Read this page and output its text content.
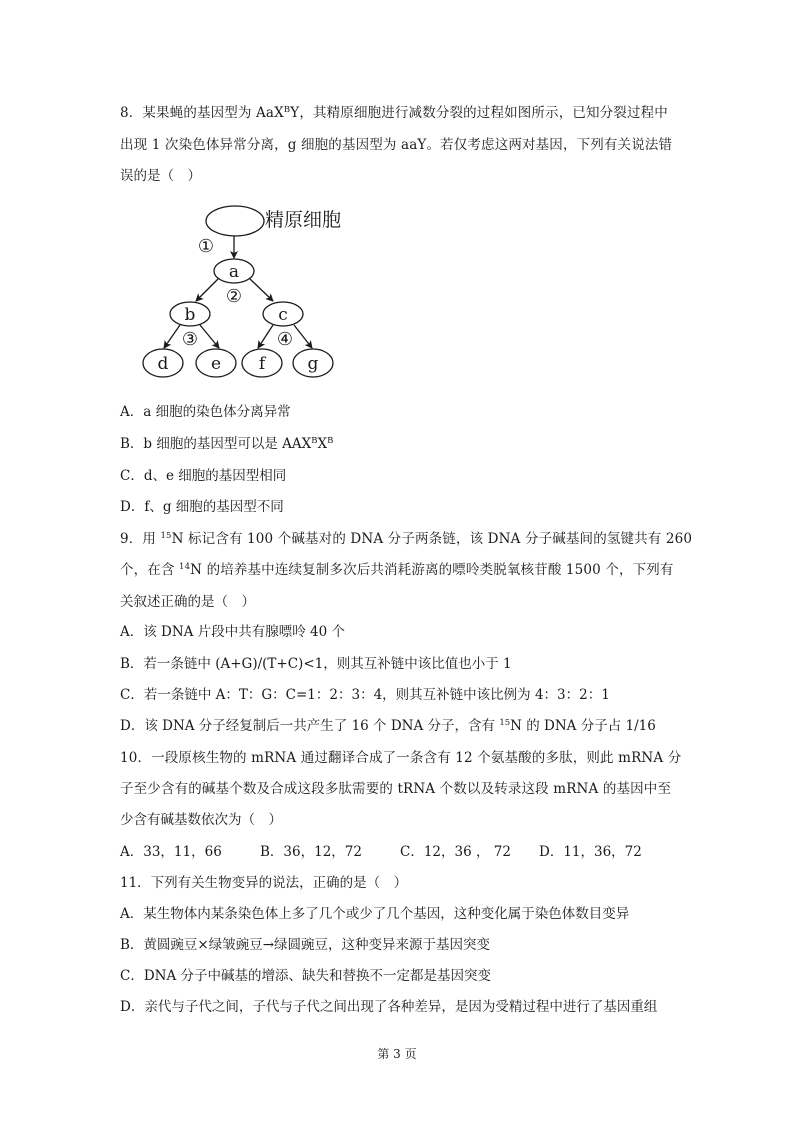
8．某果蝇的基因型为 AaX$^B$Y，其精原细胞进行减数分裂的过程如图所示，已知分裂过程中
出现 1 次染色体异常分离，g 细胞的基因型为 aaY。若仅考虑这两对基因，下列有关说法错
误的是（　）
精原细胞
①
②
③	④
a
b	c
d	e f g
A．a 细胞的染色体分离异常
B．b 细胞的基因型可以是 $AAX^BX^B$
C．d、e 细胞的基因型相同
D．f、g 细胞的基因型不同
9．用 $^{15}$N 标记含有 100 个碱基对的 DNA 分子两条链，该 DNA 分子碱基间的氢键共有 260
个，在含 $^{14}$N 的培养基中连续复制多次后共消耗游离的嘌呤类脱氧核苷酸 1500 个，下列有
关叙述正确的是（　）
A．该 DNA 片段中共有腺嘌呤 40 个
B．若一条链中 (A+G)/(T+C)<1，则其互补链中该比值也小于 1
C．若一条链中 A：T：G：C=1：2：3：4，则其互补链中该比例为 4：3：2：1
D．该 DNA 分子经复制后一共产生了 16 个 DNA 分子，含有 $^{15}$N 的 DNA 分子占 1/16
10．一段原核生物的 mRNA 通过翻译合成了一条含有 12 个氨基酸的多肽，则此 mRNA 分
子至少含有的碱基个数及合成这段多肽需要的 tRNA 个数以及转录这段 mRNA 的基因中至
少含有碱基数依次为（　）
A．33，11，66	B．36，12，72	C．12，36 ， 72 D．11，36，72
11．下列有关生物变异的说法，正确的是（　）
A．某生物体内某条染色体上多了几个或少了几个基因，这种变化属于染色体数目变异
B．黄圆豌豆×绿皱豌豆→绿圆豌豆，这种变异来源于基因突变
C．DNA 分子中碱基的增添、缺失和替换不一定都是基因突变
D．亲代与子代之间，子代与子代之间出现了各种差异，是因为受精过程中进行了基因重组
第 3 页
